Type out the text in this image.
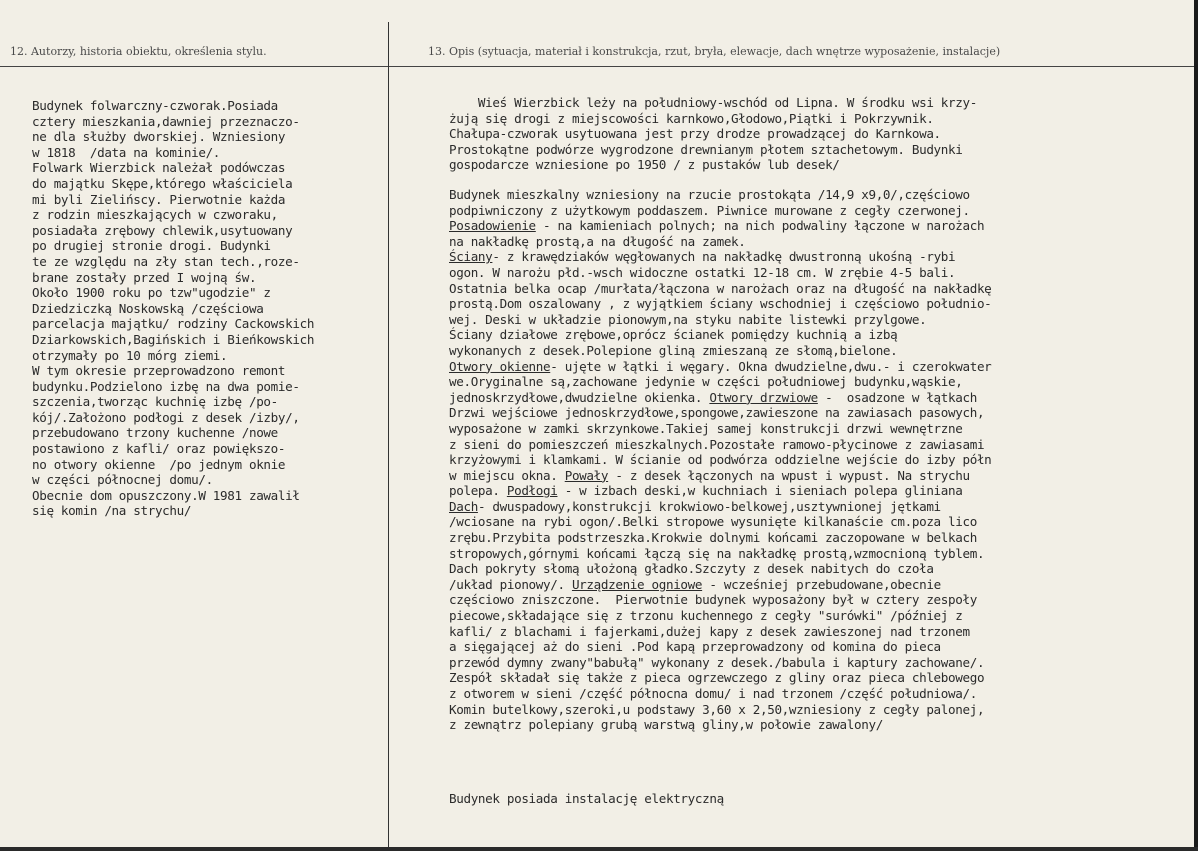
12. Autorzy, historia obiektu, określenia stylu.	13. Opis (sytuacja, materiał i konstrukcja, rzut, bryła, elewacje, dach wnętrze wyposażenie, instalacje)
Budynek folwarczny-czworak.Posiada
cztery mieszkania,dawniej przeznaczo-
ne dla służby dworskiej. Wzniesiony
w 1818  /data na kominie/.
Folwark Wierzbick należał podówczas
do majątku Skępe,którego właściciela
mi byli Zielińscy. Pierwotnie każda
z rodzin mieszkających w czworaku,
posiadała zrębowy chlewik,usytuowany
po drugiej stronie drogi. Budynki
te ze względu na zły stan tech.,roze-
brane zostały przed I wojną św.
Około 1900 roku po tzw"ugodzie" z
Dziedziczką Noskowską /częściowa
parcelacja majątku/ rodziny Cackowskich
Dziarkowskich,Bagińskich i Bieńkowskich
otrzymały po 10 mórg ziemi.
W tym okresie przeprowadzono remont
budynku.Podzielono izbę na dwa pomie-
szczenia,tworząc kuchnię izbę /po-
kój/.Założono podłogi z desek /izby/,
przebudowano trzony kuchenne /nowe
postawiono z kafli/ oraz powiększo-
no otwory okienne  /po jednym oknie
w części północnej domu/.
Obecnie dom opuszczony.W 1981 zawalił
się komin /na strychu/
Wieś Wierzbick leży na południowy-wschód od Lipna. W środku wsi krzy-
żują się drogi z miejscowości karnkowo,Głodowo,Piątki i Pokrzywnik.
Chałupa-czworak usytuowana jest przy drodze prowadzącej do Karnkowa.
Prostokątne podwórze wygrodzone drewnianym płotem sztachetowym. Budynki
gospodarcze wzniesione po 1950 / z pustaków lub desek/
Budynek mieszkalny wzniesiony na rzucie prostokąta /14,9 x9,0/,częściowo
podpiwniczony z użytkowym poddaszem. Piwnice murowane z cegły czerwonej.
Posadowienie - na kamieniach polnych; na nich podwaliny łączone w narożach
na nakładkę prostą,a na długość na zamek.
Ściany- z krawędziaków węgłowanych na nakładkę dwustronną ukośną -rybi
ogon. W narożu płd.-wsch widoczne ostatki 12-18 cm. W zrębie 4-5 bali.
Ostatnia belka ocap /murłata/łączona w narożach oraz na długość na nakładkę
prostą.Dom oszalowany , z wyjątkiem ściany wschodniej i częściowo południo-
wej. Deski w układzie pionowym,na styku nabite listewki przylgowe.
Ściany działowe zrębowe,oprócz ścianek pomiędzy kuchnią a izbą
wykonanych z desek.Polepione gliną zmieszaną ze słomą,bielone.
Otwory okienne- ujęte w łątki i węgary. Okna dwudzielne,dwu.- i czerokwater
we.Oryginalne są,zachowane jedynie w części południowej budynku,wąskie,
jednoskrzydłowe,dwudzielne okienka. Otwory drzwiowe -  osadzone w łątkach
Drzwi wejściowe jednoskrzydłowe,spongowe,zawieszone na zawiasach pasowych,
wyposażone w zamki skrzynkowe.Takiej samej konstrukcji drzwi wewnętrzne
z sieni do pomieszczeń mieszkalnych.Pozostałe ramowo-płycinowe z zawiasami
krzyżowymi i klamkami. W ścianie od podwórza oddzielne wejście do izby półn
w miejscu okna. Powały - z desek łączonych na wpust i wypust. Na strychu
polepa. Podłogi - w izbach deski,w kuchniach i sieniach polepa gliniana
Dach- dwuspadowy,konstrukcji krokwiowo-belkowej,usztywnionej jętkami
/wciosane na rybi ogon/.Belki stropowe wysunięte kilkanaście cm.poza lico
zrębu.Przybita podstrzeszka.Krokwie dolnymi końcami zaczopowane w belkach
stropowych,górnymi końcami łączą się na nakładkę prostą,wzmocnioną tyblem.
Dach pokryty słomą ułożoną gładko.Szczyty z desek nabitych do czoła
/układ pionowy/. Urządzenie ogniowe - wcześniej przebudowane,obecnie
częściowo zniszczone.  Pierwotnie budynek wyposażony był w cztery zespoły
piecowe,składające się z trzonu kuchennego z cegły "surówki" /później z
kafli/ z blachami i fajerkami,dużej kapy z desek zawieszonej nad trzonem
a sięgającej aż do sieni .Pod kapą przeprowadzony od komina do pieca
przewód dymny zwany"babułą" wykonany z desek./babula i kaptury zachowane/.
Zespół składał się także z pieca ogrzewczego z gliny oraz pieca chlebowego
z otworem w sieni /część północna domu/ i nad trzonem /część południowa/.
Komin butelkowy,szeroki,u podstawy 3,60 x 2,50,wzniesiony z cegły palonej,
z zewnątrz polepiany grubą warstwą gliny,w połowie zawalony/
Budynek posiada instalację elektryczną
